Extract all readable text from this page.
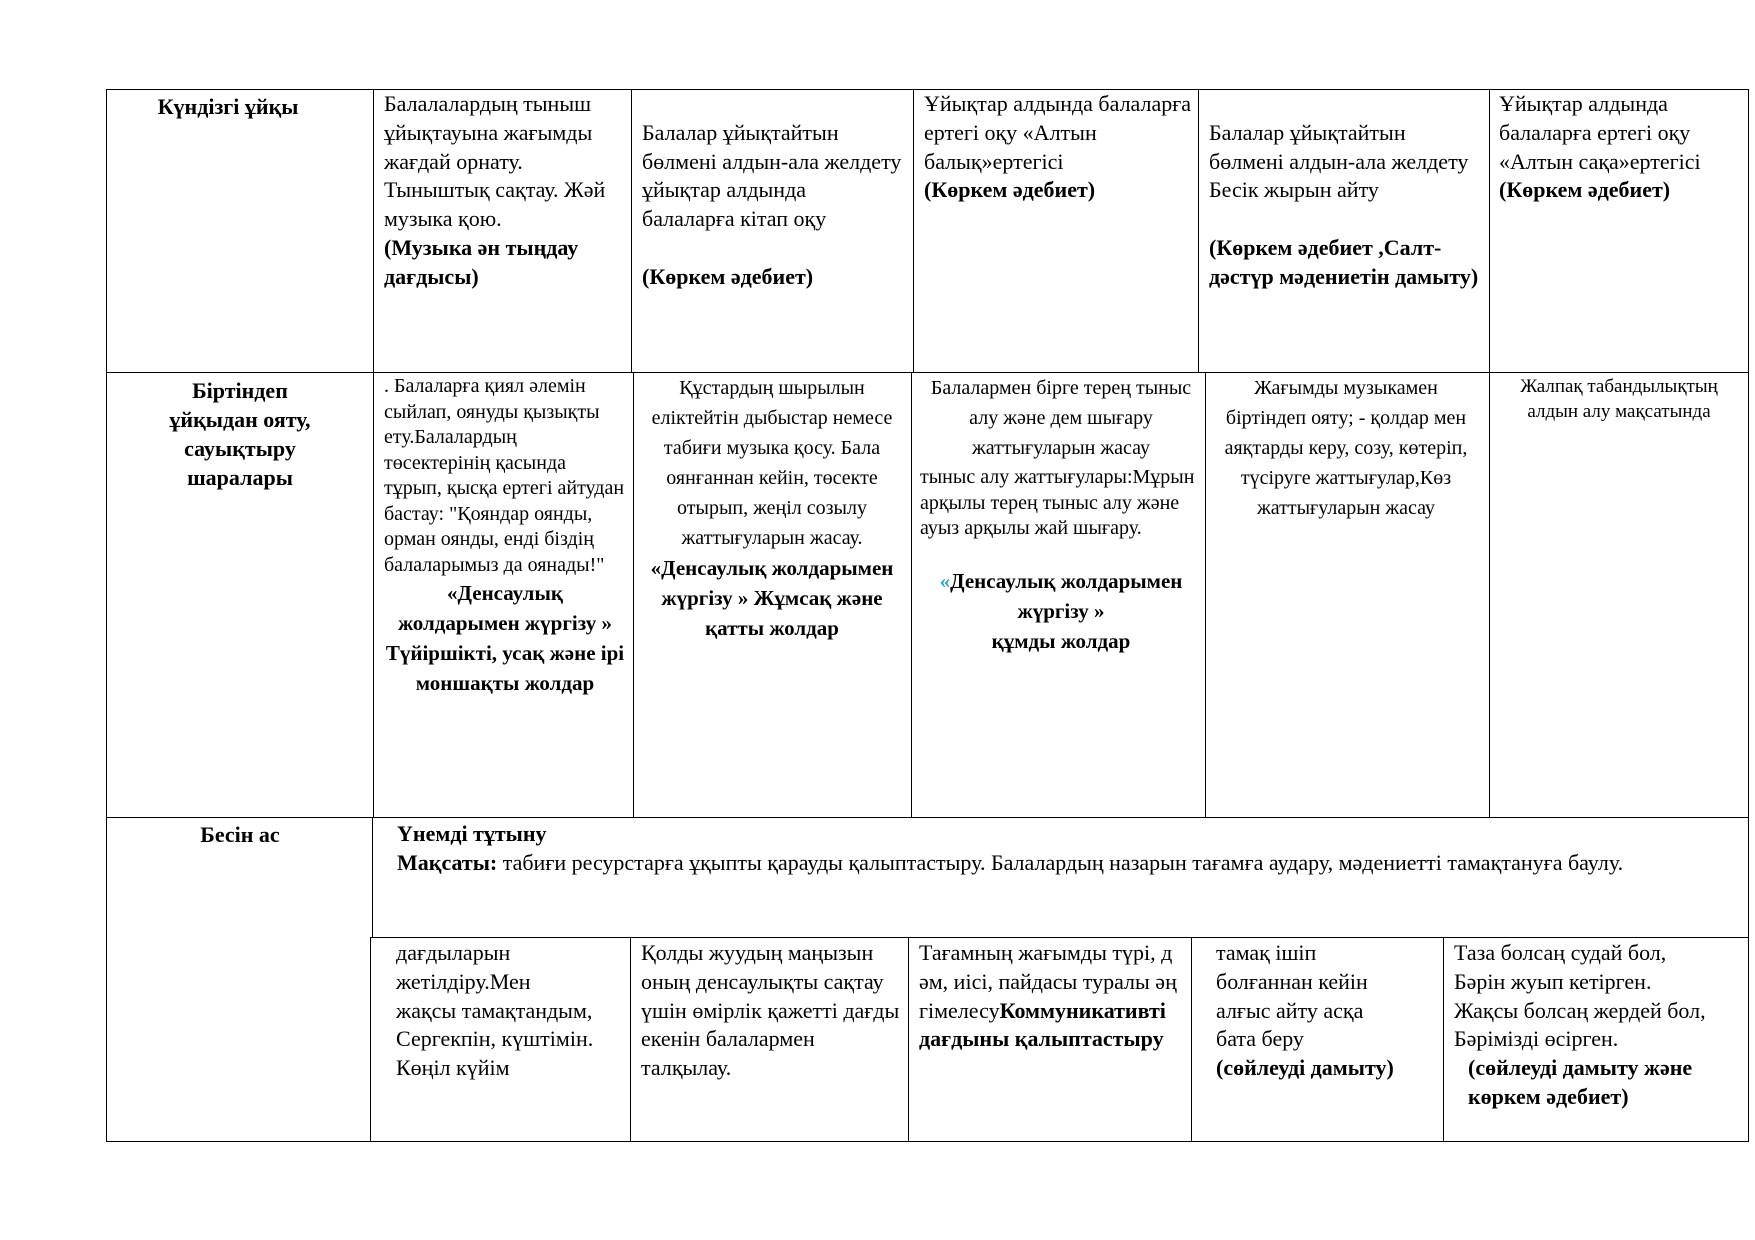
Күндізгі ұйқы	Балалалардың тыныш ұйықтауына жағымды жағдай орнату. Тыныштық сақтау. Жәй музыка қою.

(Музыка ән тыңдау дағдысы)

Балалар ұйықтайтын бөлмені алдын-ала желдету
ұйықтар алдында балаларға кітап оқу

(Көркем әдебиет)

Ұйықтар алдында балаларға ертегі оқу «Алтын балық»ертегісі

(Көркем әдебиет)

Балалар ұйықтайтын бөлмені алдын-ала желдету
Бесік жырын айту

(Көркем әдебиет ,Салт-дәстүр мәдениетін дамыту)

Ұйықтар алдында балаларға ертегі оқу «Алтын сақа»ертегісі

(Көркем әдебиет)

Біртіндеп ұйқыдан ояту, сауықтыру шаралары

. Балаларға қиял әлемін сыйлап, оянуды қызықты ету.Балалардың төсектерінің қасында тұрып, қысқа ертегі айтудан бастау: "Қояндар оянды, орман оянды, енді біздің балаларымыз да оянады!"

«Денсаулық жолдарымен жүргізу » Түйіршікті, усақ және ірі моншақты жолдар

Құстардың шырылын еліктейтін дыбыстар немесе табиғи музыка қосу. Бала оянғаннан кейін, төсекте отырып, жеңіл созылу жаттығуларын жасау.

«Денсаулық жолдарымен жүргізу » Жұмсақ және қатты жолдар

Балалармен бірге терең тыныс алу және дем шығару жаттығуларын жасау

тыныс алу жаттығулары:Мұрын арқылы терең тыныс алу және ауыз арқылы жай шығару.

«Денсаулық жолдарымен жүргізу »

құмды жолдар

Жағымды музыкамен біртіндеп ояту; - қолдар мен аяқтарды керу, созу, көтеріп, түсіруге жаттығулар,Көз жаттығуларын жасау

Жалпақ табандылықтың алдын алу мақсатында

Бесін ас	Үнемді тұтыну

Мақсаты: табиғи ресурстарға ұқыпты қарауды қалыптастыру. Балалардың назарын тағамға аудару, мәдениетті тамақтануға баулу.

дағдыларын жетілдіру.Мен жақсы тамақтандым, Сергекпін, күштімін. Көңіл күйім

Қолды жуудың маңызын оның денсаулықты сақтау үшін өмірлік қажетті дағды екенін балалармен талқылау.

Тағамның жағымды түрі, дәм, иісі, пайдасы туралы әңгімелесуКоммуникативті дағдыны қалыптастыру

тамақ ішіп болғаннан кейін алғыс айту асқа бата беру

(сөйлеуді дамыту)

Таза болсаң судай бол, Бәрін жуып кетірген. Жақсы болсаң жердей бол, Бәрімізді өсірген.

(сөйлеуді дамыту және көркем әдебиет)
